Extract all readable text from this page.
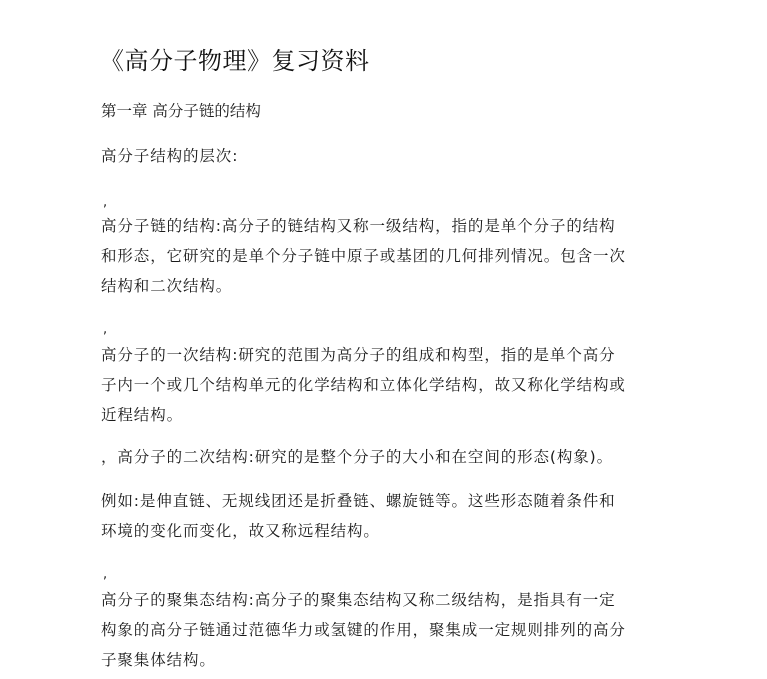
《高分子物理》复习资料
第一章 高分子链的结构
高分子结构的层次:
,
高分子链的结构:高分子的链结构又称一级结构，指的是单个分子的结构
和形态，它研究的是单个分子链中原子或基团的几何排列情况。包含一次
结构和二次结构。
,
高分子的一次结构:研究的范围为高分子的组成和构型，指的是单个高分
子内一个或几个结构单元的化学结构和立体化学结构，故又称化学结构或
近程结构。
，高分子的二次结构:研究的是整个分子的大小和在空间的形态(构象)。
例如:是伸直链、无规线团还是折叠链、螺旋链等。这些形态随着条件和
环境的变化而变化，故又称远程结构。
,
高分子的聚集态结构:高分子的聚集态结构又称二级结构，是指具有一定
构象的高分子链通过范德华力或氢键的作用，聚集成一定规则排列的高分
子聚集体结构。
